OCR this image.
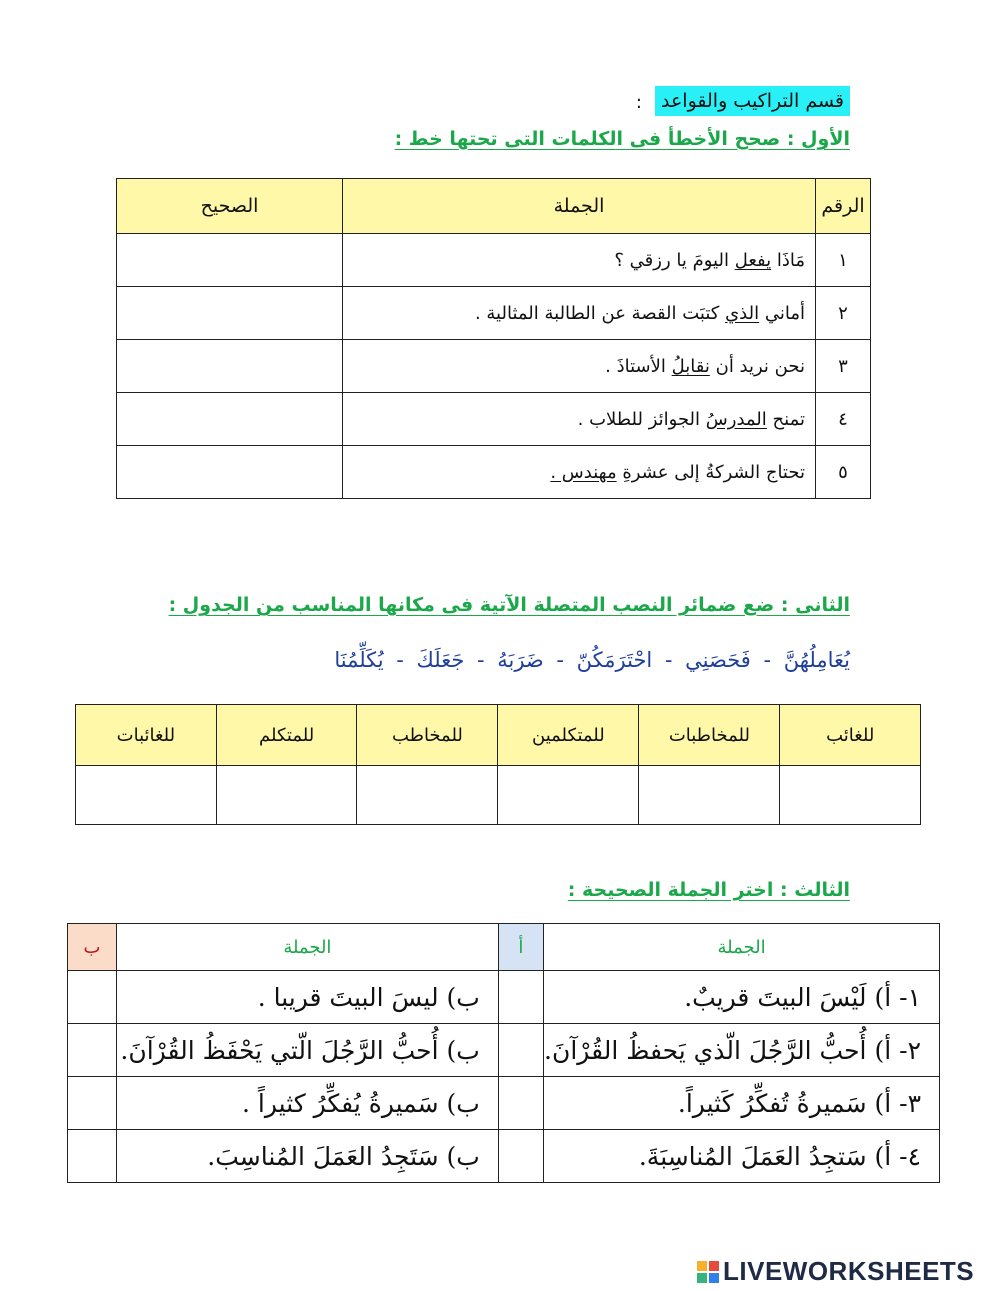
قسم التراكيب والقواعد
:
الأول : صحح الأخطأ فى الكلمات التى تحتها خط :
الرقم	الجملة	الصحيح
١	مَاذَا يفعل اليومَ يا رزقي ؟	
٢	أماني الذي كتبَت القصة عن الطالبة المثالية .	
٣	نحن نريد أن نقابلُ الأستاذَ .	
٤	تمنح المدرسُ الجوائز للطلاب .	
٥	تحتاج الشركةُ إلى عشرةِ مهندس .	
الثانى : ضع ضمائر النصب المتصلة الآتية فى مكانها المناسب من الجدول :
يُعَامِلُهُنَّ - فَحَصَنِي - احْتَرَمَكُنّ - ضَرَبَهُ - جَعَلَكَ - يُكَلِّمُنَا
للغائب	للمخاطبات	للمتكلمين	للمخاطب	للمتكلم	للغائبات

الثالث : اختر الجملة الصحيحة :
الجملة	أ	الجملة	ب
١- أ) لَيْسَ البيتَ قريبٌ.		ب) ليسَ البيتَ قريبا .	
٢- أ) أُحبُّ الرَّجُلَ الّذي يَحفظُ القُرْآنَ.		ب) أُحبُّ الرَّجُلَ الّتي يَحْفَظُ القُرْآنَ.	
٣- أ) سَميرةُ تُفكِّرُ كَثيراً.		ب) سَميرةُ يُفكِّرُ كثيراً .	
٤- أ) سَتجِدُ العَمَلَ المُناسِبَةَ.		ب) سَتَجِدُ العَمَلَ المُناسِبَ.	
LIVEWORKSHEETS
